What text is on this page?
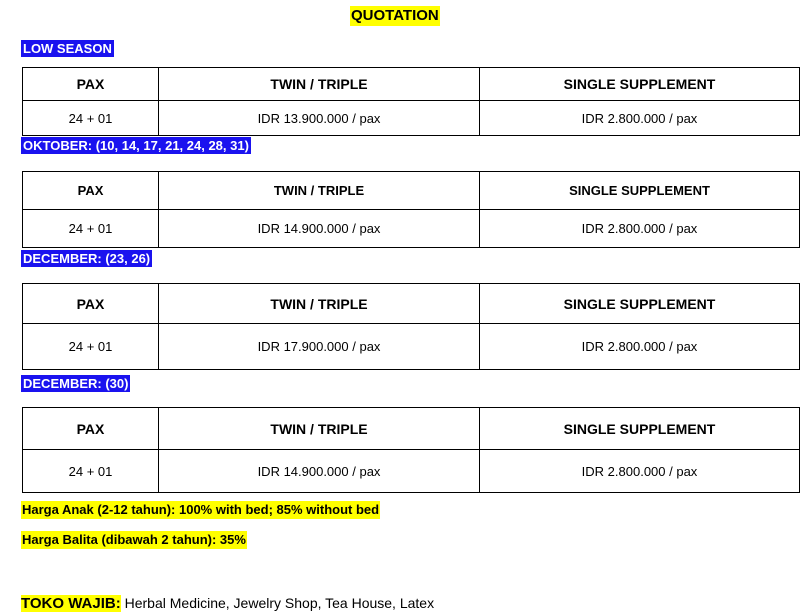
QUOTATION
LOW SEASON
PAX	TWIN / TRIPLE	SINGLE SUPPLEMENT
24 + 01	IDR 13.900.000 / pax	IDR 2.800.000 / pax
OKTOBER: (10, 14, 17, 21, 24, 28, 31)
PAX	TWIN / TRIPLE	SINGLE SUPPLEMENT
24 + 01	IDR 14.900.000 / pax	IDR 2.800.000 / pax
DECEMBER: (23, 26)
PAX	TWIN / TRIPLE	SINGLE SUPPLEMENT
24 + 01	IDR 17.900.000 / pax	IDR 2.800.000 / pax
DECEMBER: (30)
PAX	TWIN / TRIPLE	SINGLE SUPPLEMENT
24 + 01	IDR 14.900.000 / pax	IDR 2.800.000 / pax
Harga Anak (2-12 tahun): 100% with bed; 85% without bed
Harga Balita (dibawah 2 tahun): 35%
TOKO WAJIB: Herbal Medicine, Jewelry Shop, Tea House, Latex
